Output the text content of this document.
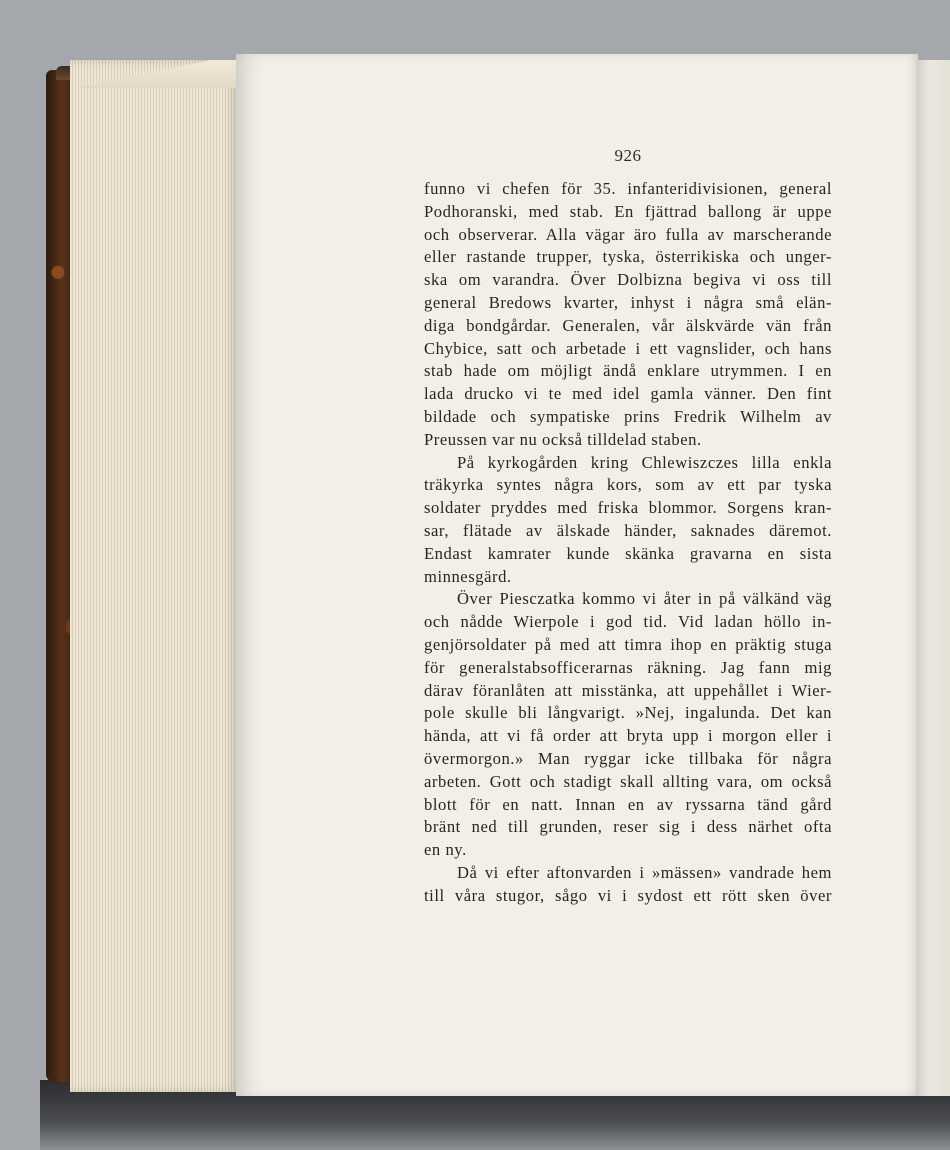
926
funno vi chefen för 35. infanteridivisionen, general
Podhoranski, med stab. En fjättrad ballong är uppe
och observerar. Alla vägar äro fulla av marscherande
eller rastande trupper, tyska, österrikiska och unger-
ska om varandra. Över Dolbizna begiva vi oss till
general Bredows kvarter, inhyst i några små elän-
diga bondgårdar. Generalen, vår älskvärde vän från
Chybice, satt och arbetade i ett vagnslider, och hans
stab hade om möjligt ändå enklare utrymmen. I en
lada drucko vi te med idel gamla vänner. Den fint
bildade och sympatiske prins Fredrik Wilhelm av
Preussen var nu också tilldelad staben.
På kyrkogården kring Chlewiszczes lilla enkla
träkyrka syntes några kors, som av ett par tyska
soldater pryddes med friska blommor. Sorgens kran-
sar, flätade av älskade händer, saknades däremot.
Endast kamrater kunde skänka gravarna en sista
minnesgärd.
Över Piesczatka kommo vi åter in på välkänd väg
och nådde Wierpole i god tid. Vid ladan höllo in-
genjörsoldater på med att timra ihop en präktig stuga
för generalstabsofficerarnas räkning. Jag fann mig
därav föranlåten att misstänka, att uppehållet i Wier-
pole skulle bli långvarigt. »Nej, ingalunda. Det kan
hända, att vi få order att bryta upp i morgon eller i
övermorgon.» Man ryggar icke tillbaka för några
arbeten. Gott och stadigt skall allting vara, om också
blott för en natt. Innan en av ryssarna tänd gård
bränt ned till grunden, reser sig i dess närhet ofta
en ny.
Då vi efter aftonvarden i »mässen» vandrade hem
till våra stugor, sågo vi i sydost ett rött sken över
